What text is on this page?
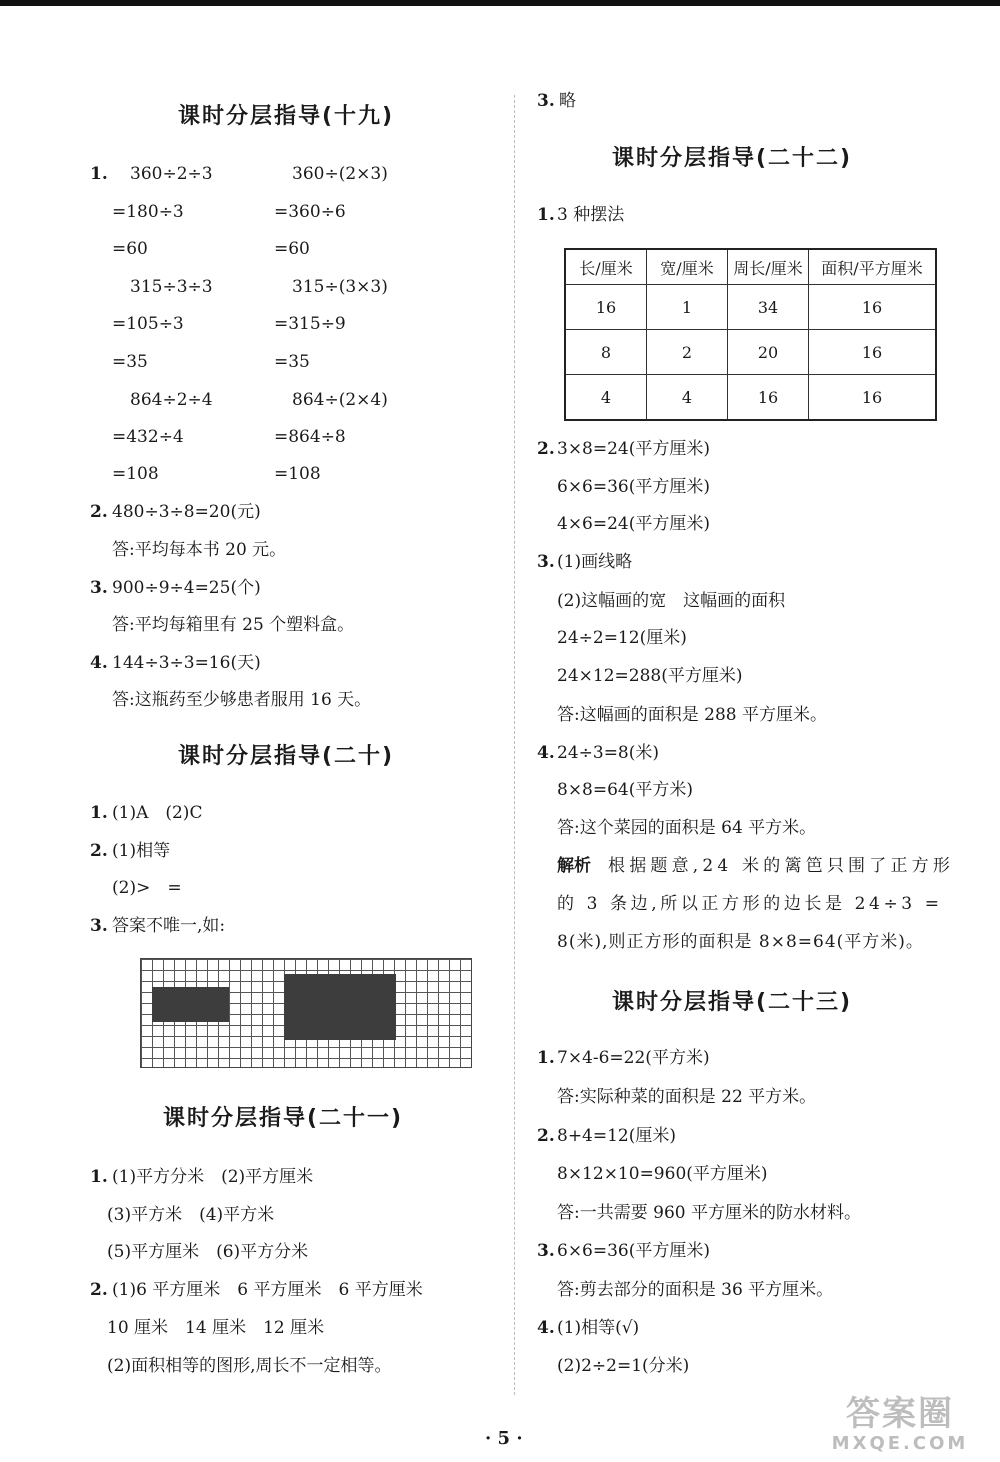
课时分层指导(十九)
1. 360÷2÷3	360÷(2×3)
=180÷3	=360÷6
=60	=60
315÷3÷3	315÷(3×3)
=105÷3	=315÷9
=35	=35
864÷2÷4	864÷(2×4)
=432÷4	=864÷8
=108	=108
2. 480÷3÷8=20(元)
答:平均每本书 20 元。
3. 900÷9÷4=25(个)
答:平均每箱里有 25 个塑料盒。
4. 144÷3÷3=16(天)
答:这瓶药至少够患者服用 16 天。
课时分层指导(二十)
1. (1)A　(2)C
2. (1)相等
(2)>　=
3. 答案不唯一,如:
课时分层指导(二十一)
1. (1)平方分米　(2)平方厘米
(3)平方米　(4)平方米
(5)平方厘米　(6)平方分米
2. (1)6 平方厘米　6 平方厘米　6 平方厘米
10 厘米　14 厘米　12 厘米
(2)面积相等的图形,周长不一定相等。
3. 略
课时分层指导(二十二)
1. 3 种摆法
长/厘米	宽/厘米	周长/厘米	面积/平方厘米
16	1	34	16
8	2	20	16
4	4	16	16
2. 3×8=24(平方厘米)
6×6=36(平方厘米)
4×6=24(平方厘米)
3. (1)画线略
(2)这幅画的宽　这幅画的面积
24÷2=12(厘米)
24×12=288(平方厘米)
答:这幅画的面积是 288 平方厘米。
4. 24÷3=8(米)
8×8=64(平方米)
答:这个菜园的面积是 64 平方米。
解析 根据题意,24 米的篱笆只围了正方形
的 3 条边,所以正方形的边长是 24÷3 =
8(米),则正方形的面积是 8×8=64(平方米)。
课时分层指导(二十三)
1. 7×4-6=22(平方米)
答:实际种菜的面积是 22 平方米。
2. 8+4=12(厘米)
8×12×10=960(平方厘米)
答:一共需要 960 平方厘米的防水材料。
3. 6×6=36(平方厘米)
答:剪去部分的面积是 36 平方厘米。
4. (1)相等(√)
(2)2÷2=1(分米)
· 5 ·
答案圈
MXQE.COM
